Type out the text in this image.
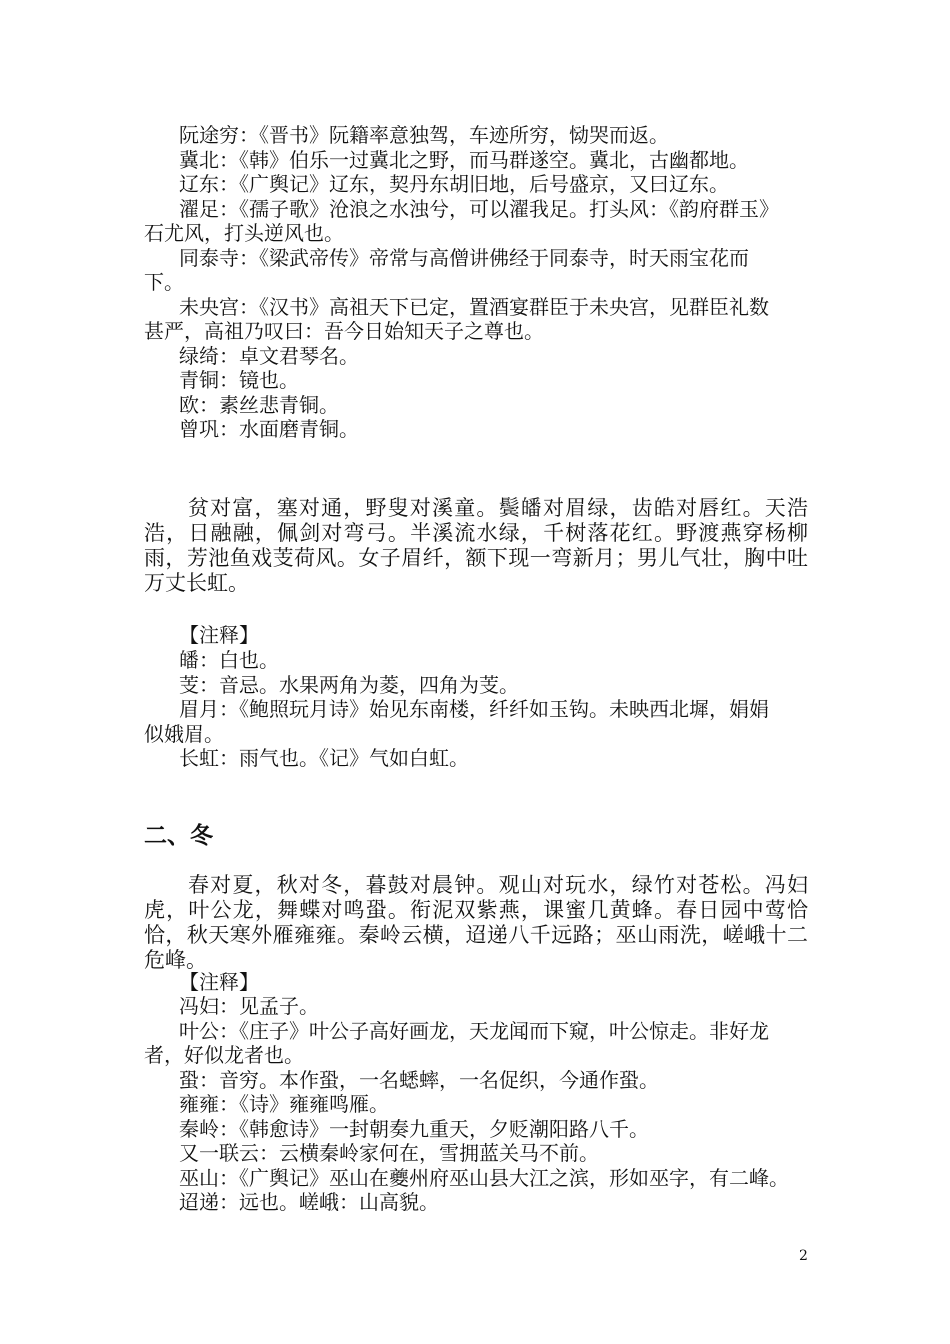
阮途穷：《晋书》阮籍率意独驾，车迹所穷，恸哭而返。
冀北：《韩》伯乐一过冀北之野，而马群遂空。冀北，古幽都地。
辽东：《广舆记》辽东，契丹东胡旧地，后号盛京，又曰辽东。
濯足：《孺子歌》沧浪之水浊兮，可以濯我足。打头风：《韵府群玉》
石尤风，打头逆风也。
同泰寺：《梁武帝传》帝常与高僧讲佛经于同泰寺，时天雨宝花而
下。
未央宫：《汉书》高祖天下已定，置酒宴群臣于未央宫，见群臣礼数
甚严，高祖乃叹曰：吾今日始知天子之尊也。
绿绮：卓文君琴名。
青铜：镜也。
欧：素丝悲青铜。
曾巩：水面磨青铜。
贫对富，塞对通，野叟对溪童。鬓皤对眉绿，齿皓对唇红。天浩浩，日融融，佩剑对弯弓。半溪流水绿，千树落花红。野渡燕穿杨柳雨，芳池鱼戏芰荷风。女子眉纤，额下现一弯新月；男儿气壮，胸中吐万丈长虹。
【注释】
皤：白也。
芰：音忌。水果两角为菱，四角为芰。
眉月：《鲍照玩月诗》始见东南楼，纤纤如玉钩。未映西北墀，娟娟
似娥眉。
长虹：雨气也。《记》气如白虹。
二、冬
春对夏，秋对冬，暮鼓对晨钟。观山对玩水，绿竹对苍松。冯妇虎，叶公龙，舞蝶对鸣蛩。衔泥双紫燕，课蜜几黄蜂。春日园中莺恰恰，秋天寒外雁雍雍。秦岭云横，迢递八千远路；巫山雨洗，嵯峨十二危峰。
【注释】
冯妇：见孟子。
叶公：《庄子》叶公子高好画龙，天龙闻而下窥，叶公惊走。非好龙
者，好似龙者也。
蛩：音穷。本作蛩，一名蟋蟀，一名促织，今通作蛩。
雍雍：《诗》雍雍鸣雁。
秦岭：《韩愈诗》一封朝奏九重天，夕贬潮阳路八千。
又一联云：云横秦岭家何在，雪拥蓝关马不前。
巫山：《广舆记》巫山在夔州府巫山县大江之滨，形如巫字，有二峰。
迢递：远也。嵯峨：山高貌。
2
